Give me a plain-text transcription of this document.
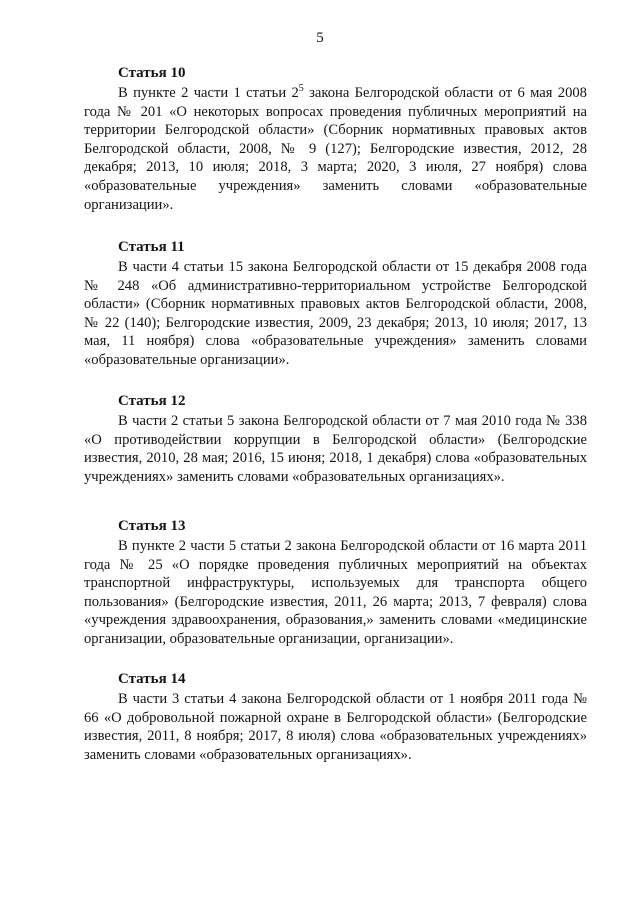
5

Статья 10

В пункте 2 части 1 статьи $2^5$ закона Белгородской области от 6 мая 2008 года № 201 «О некоторых вопросах проведения публичных мероприятий на территории Белгородской области» (Сборник нормативных правовых актов Белгородской области, 2008, № 9 (127); Белгородские известия, 2012, 28 декабря; 2013, 10 июля; 2018, 3 марта; 2020, 3 июля, 27 ноября) слова «образовательные учреждения» заменить словами «образовательные организации».

Статья 11

В части 4 статьи 15 закона Белгородской области от 15 декабря 2008 года № 248 «Об административно-территориальном устройстве Белгородской области» (Сборник нормативных правовых актов Белгородской области, 2008, № 22 (140); Белгородские известия, 2009, 23 декабря; 2013, 10 июля; 2017, 13 мая, 11 ноября) слова «образовательные учреждения» заменить словами «образовательные организации».

Статья 12

В части 2 статьи 5 закона Белгородской области от 7 мая 2010 года № 338 «О противодействии коррупции в Белгородской области» (Белгородские известия, 2010, 28 мая; 2016, 15 июня; 2018, 1 декабря) слова «образовательных учреждениях» заменить словами «образовательных организациях».

Статья 13

В пункте 2 части 5 статьи 2 закона Белгородской области от 16 марта 2011 года № 25 «О порядке проведения публичных мероприятий на объектах транспортной инфраструктуры, используемых для транспорта общего пользования» (Белгородские известия, 2011, 26 марта; 2013, 7 февраля) слова «учреждения здравоохранения, образования,» заменить словами «медицинские организации, образовательные организации, организации».

Статья 14

В части 3 статьи 4 закона Белгородской области от 1 ноября 2011 года № 66 «О добровольной пожарной охране в Белгородской области» (Белгородские известия, 2011, 8 ноября; 2017, 8 июля) слова «образовательных учреждениях» заменить словами «образовательных организациях».
